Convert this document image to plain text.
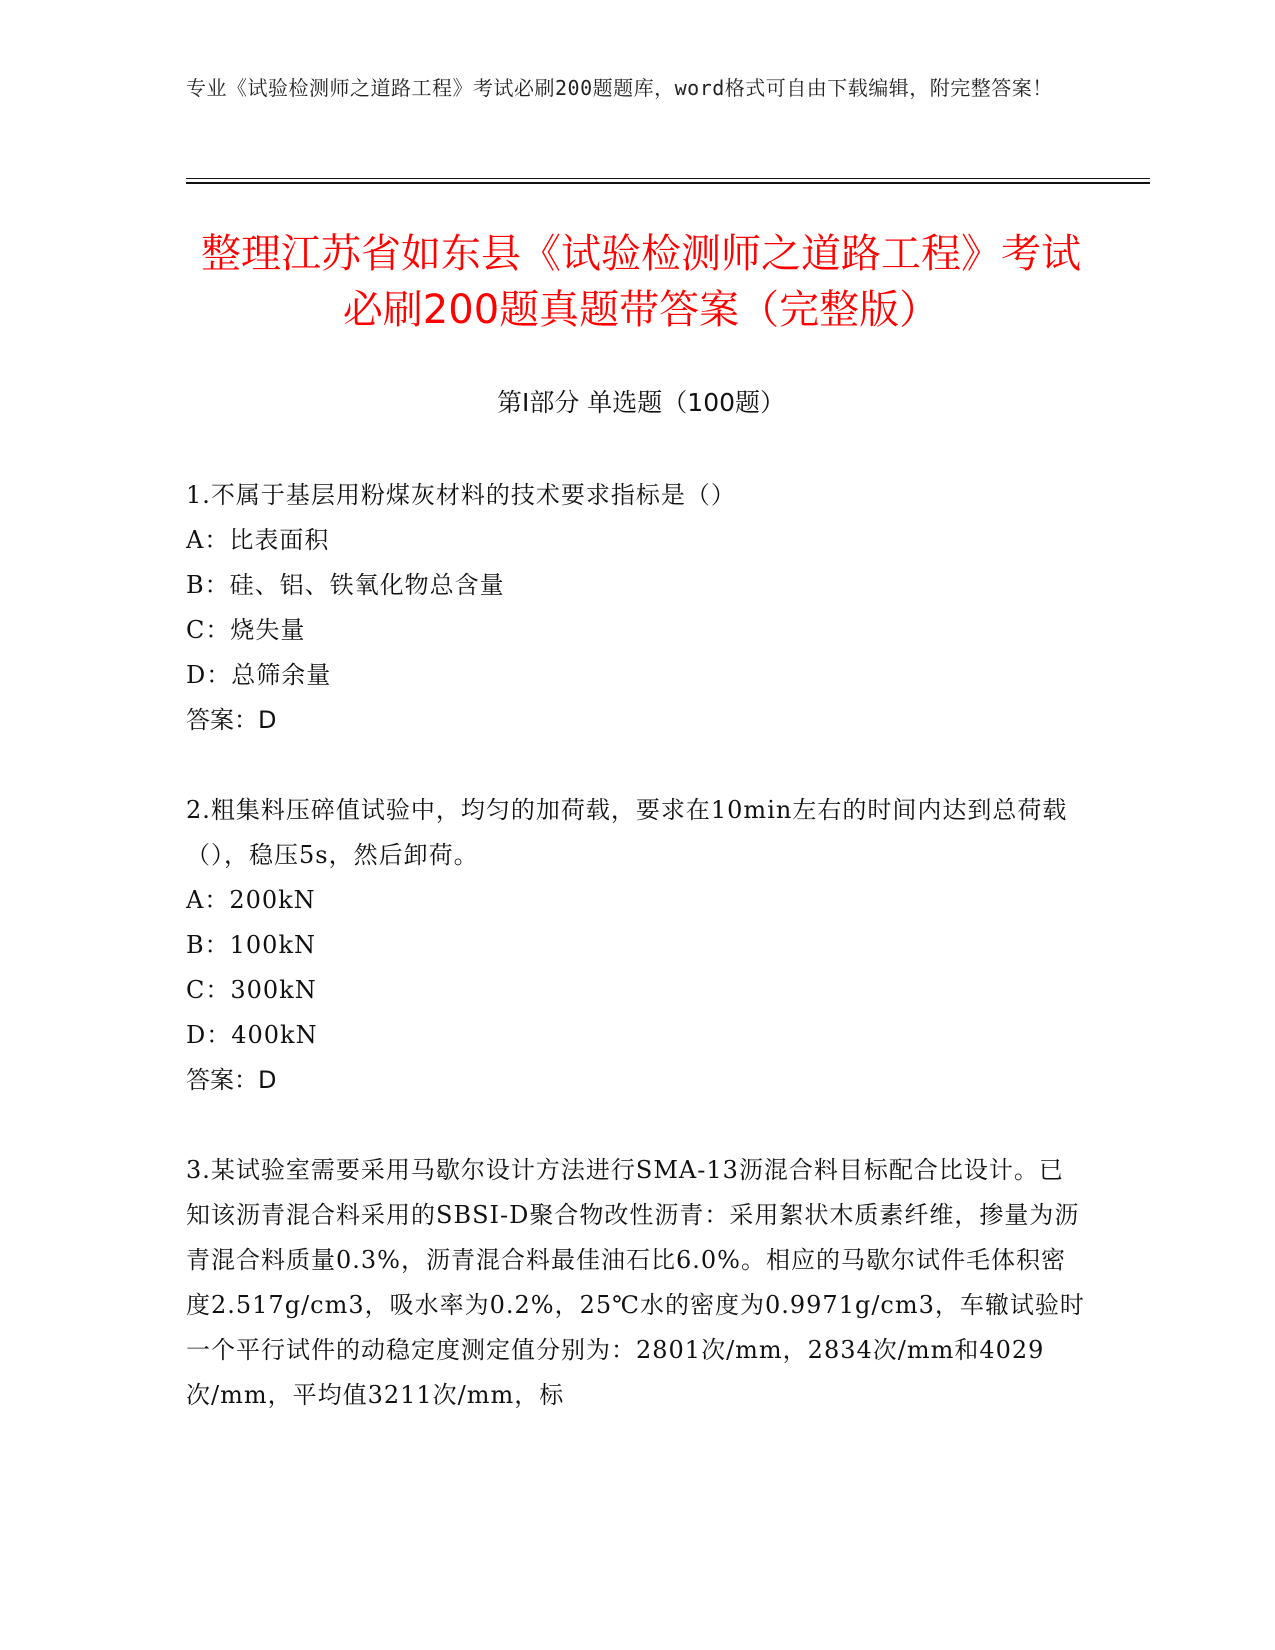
专业《试验检测师之道路工程》考试必刷200题题库，word格式可自由下载编辑，附完整答案！
整理江苏省如东县《试验检测师之道路工程》考试必刷200题真题带答案（完整版）
第Ⅰ部分 单选题（100题）
1.不属于基层用粉煤灰材料的技术要求指标是（）
A：比表面积
B：硅、铝、铁氧化物总含量
C：烧失量
D：总筛余量
答案：D
2.粗集料压碎值试验中，均匀的加荷载，要求在10min左右的时间内达到总荷载（），稳压5s，然后卸荷。
A：200kN
B：100kN
C：300kN
D：400kN
答案：D
3.某试验室需要采用马歇尔设计方法进行SMA-13沥混合料目标配合比设计。已知该沥青混合料采用的SBSI-D聚合物改性沥青：采用絮状木质素纤维，掺量为沥青混合料质量0.3%，沥青混合料最佳油石比6.0%。相应的马歇尔试件毛体积密度2.517g/cm3，吸水率为0.2%，25℃水的密度为0.9971g/cm3，车辙试验时一个平行试件的动稳定度测定值分别为：2801次/mm，2834次/mm和4029次/mm，平均值3211次/mm，标
